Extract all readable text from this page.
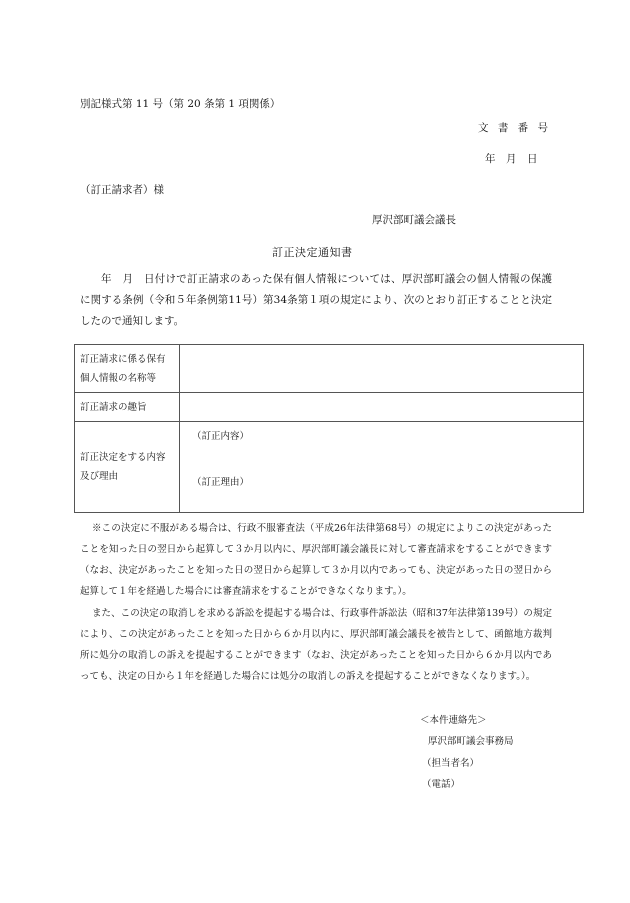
別記様式第 11 号（第 20 条第 1 項関係）
文 書 番 号
年　月　日
（訂正請求者）様
厚沢部町議会議長
訂正決定通知書
年　月　日付けで訂正請求のあった保有個人情報については、厚沢部町議会の個人情報の保護に関する条例（令和５年条例第11号）第34条第１項の規定により、次のとおり訂正することと決定したので通知します。
訂正請求に係る保有個人情報の名称等	
訂正請求の趣旨	
訂正決定をする内容及び理由	（訂正内容）
（訂正理由）
※この決定に不服がある場合は、行政不服審査法（平成26年法律第68号）の規定によりこの決定があったことを知った日の翌日から起算して３か月以内に、厚沢部町議会議長に対して審査請求をすることができます（なお、決定があったことを知った日の翌日から起算して３か月以内であっても、決定があった日の翌日から起算して１年を経過した場合には審査請求をすることができなくなります。）。
また、この決定の取消しを求める訴訟を提起する場合は、行政事件訴訟法（昭和37年法律第139号）の規定により、この決定があったことを知った日から６か月以内に、厚沢部町議会議長を被告として、函館地方裁判所に処分の取消しの訴えを提起することができます（なお、決定があったことを知った日から６か月以内であっても、決定の日から１年を経過した場合には処分の取消しの訴えを提起することができなくなります。）。
＜本件連絡先＞
厚沢部町議会事務局
（担当者名）
（電話）
